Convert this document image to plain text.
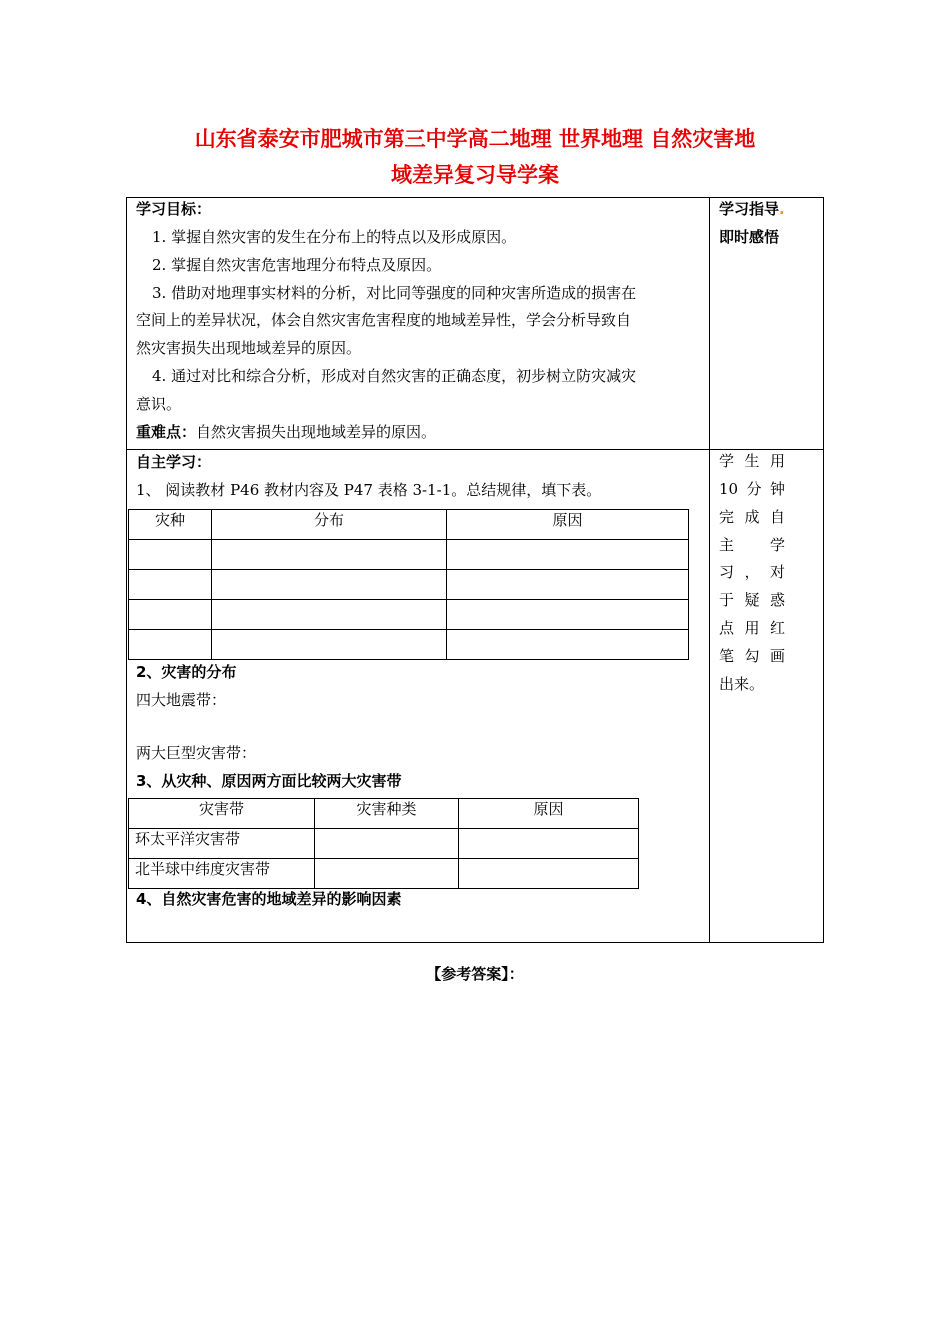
山东省泰安市肥城市第三中学高二地理 世界地理 自然灾害地
域差异复习导学案
学习目标：
1. 掌握自然灾害的发生在分布上的特点以及形成原因。
2. 掌握自然灾害危害地理分布特点及原因。
3. 借助对地理事实材料的分析，对比同等强度的同种灾害所造成的损害在
空间上的差异状况，体会自然灾害危害程度的地域差异性，学会分析导致自
然灾害损失出现地域差异的原因。
4. 通过对比和综合分析，形成对自然灾害的正确态度，初步树立防灾减灾
意识。
重难点：自然灾害损失出现地域差异的原因。
学习指导.
即时感悟
自主学习：
1、 阅读教材 P46 教材内容及 P47 表格 3-1-1。总结规律，填下表。
灾种	分布	原因

2、灾害的分布
四大地震带：
两大巨型灾害带：
3、从灾种、原因两方面比较两大灾害带
灾害带	灾害种类	原因
环太平洋灾害带		
北半球中纬度灾害带		
4、自然灾害危害的地域差异的影响因素
学 生 用
10 分 钟
完 成 自
主 学
习 ， 对
于 疑 惑
点 用 红
笔 勾 画
出来。
【参考答案】：
